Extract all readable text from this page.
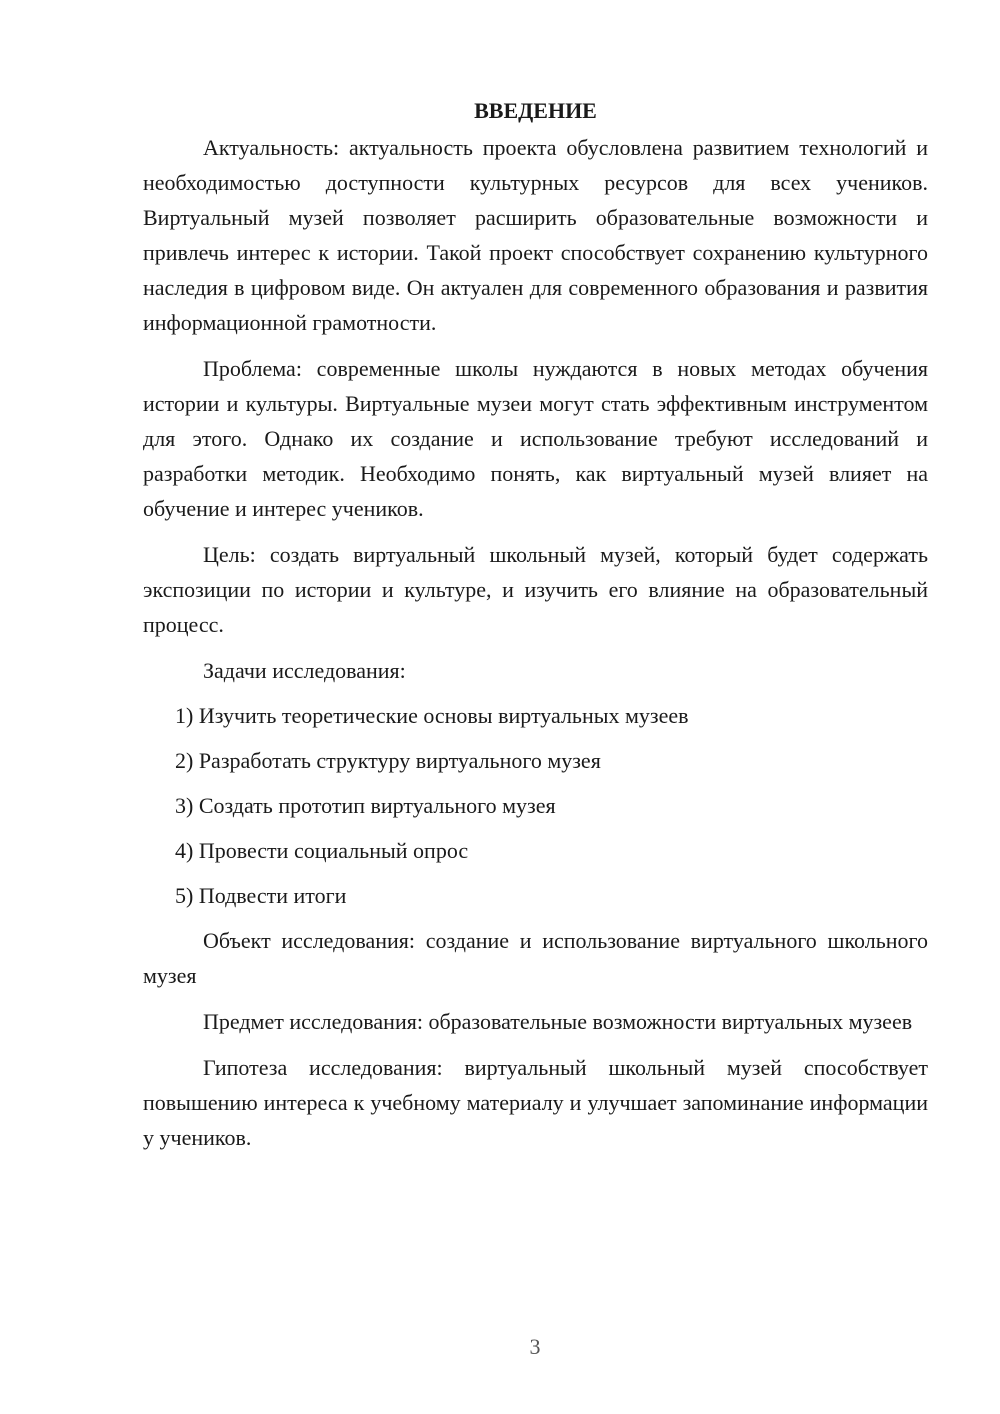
ВВЕДЕНИЕ

Актуальность: актуальность проекта обусловлена развитием технологий и необходимостью доступности культурных ресурсов для всех учеников. Виртуальный музей позволяет расширить образовательные возможности и привлечь интерес к истории. Такой проект способствует сохранению культурного наследия в цифровом виде. Он актуален для современного образования и развития информационной грамотности.

Проблема: современные школы нуждаются в новых методах обучения истории и культуры. Виртуальные музеи могут стать эффективным инструментом для этого. Однако их создание и использование требуют исследований и разработки методик. Необходимо понять, как виртуальный музей влияет на обучение и интерес учеников.

Цель: создать виртуальный школьный музей, который будет содержать экспозиции по истории и культуре, и изучить его влияние на образовательный процесс.

Задачи исследования:
1) Изучить теоретические основы виртуальных музеев
2) Разработать структуру виртуального музея
3) Создать прототип виртуального музея
4) Провести социальный опрос
5) Подвести итоги

Объект исследования: создание и использование виртуального школьного музея

Предмет исследования: образовательные возможности виртуальных музеев

Гипотеза исследования: виртуальный школьный музей способствует повышению интереса к учебному материалу и улучшает запоминание информации у учеников.

3
